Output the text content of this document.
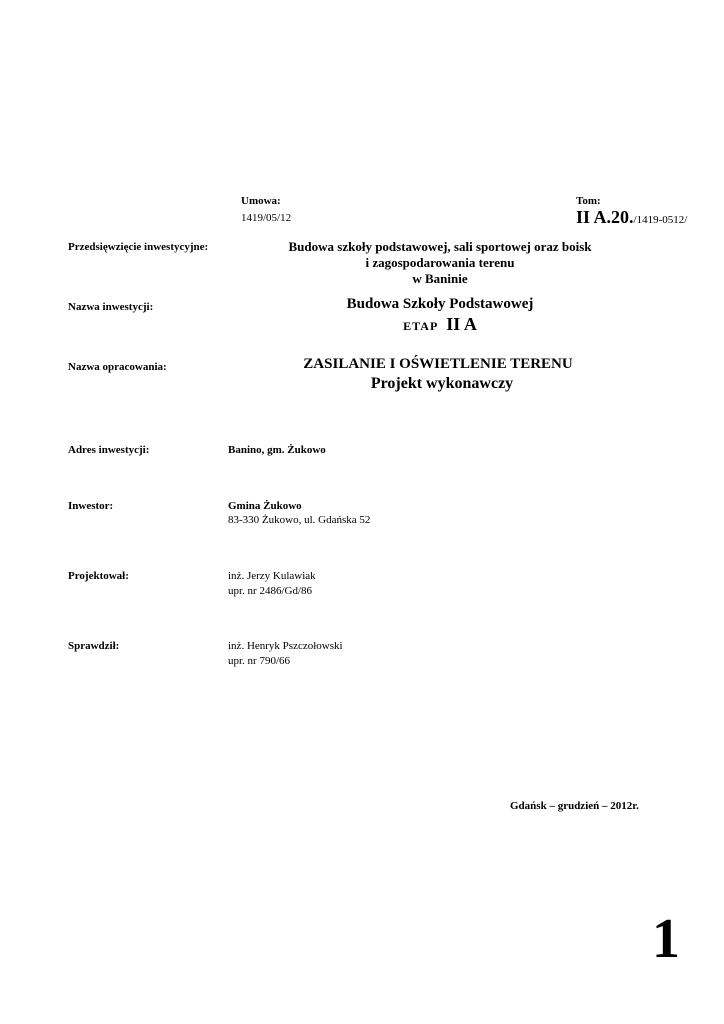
Umowa:
1419/05/12
Tom:
II A.20./1419-0512/
Przedsięwzięcie inwestycyjne:	Budowa szkoły podstawowej, sali sportowej oraz boisk
i zagospodarowania terenu
w Baninie
Nazwa inwestycji:	Budowa Szkoły Podstawowej
ETAP II A
Nazwa opracowania:	ZASILANIE I OŚWIETLENIE TERENU
Projekt wykonawczy
Adres inwestycji:	Banino, gm. Żukowo
Inwestor:	Gmina Żukowo
83-330 Żukowo, ul. Gdańska 52
Projektował:	inż. Jerzy Kulawiak
upr. nr 2486/Gd/86
Sprawdził:	inż. Henryk Pszczołowski
upr. nr 790/66
Gdańsk – grudzień – 2012r.
1
